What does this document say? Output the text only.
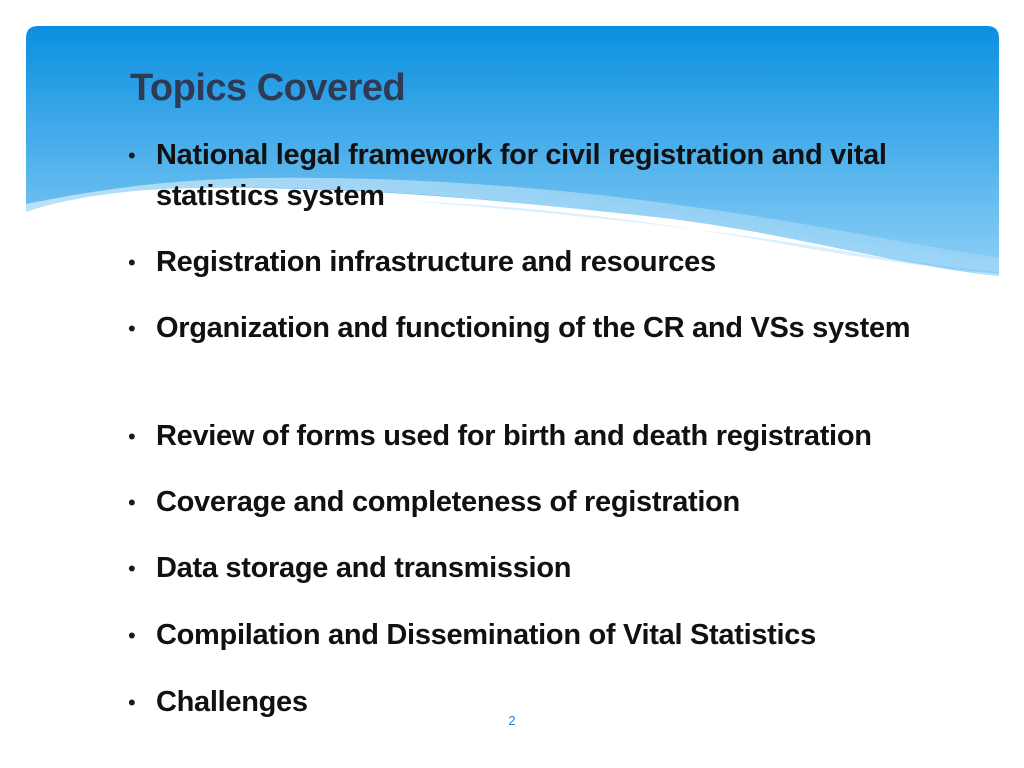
Topics Covered
• National legal framework for civil registration and vital statistics system
• Registration infrastructure and resources
• Organization and functioning of the CR and VSs system
• Review of forms used for birth and death registration
• Coverage and completeness of registration
• Data storage and transmission
• Compilation and Dissemination of Vital Statistics
• Challenges
2
